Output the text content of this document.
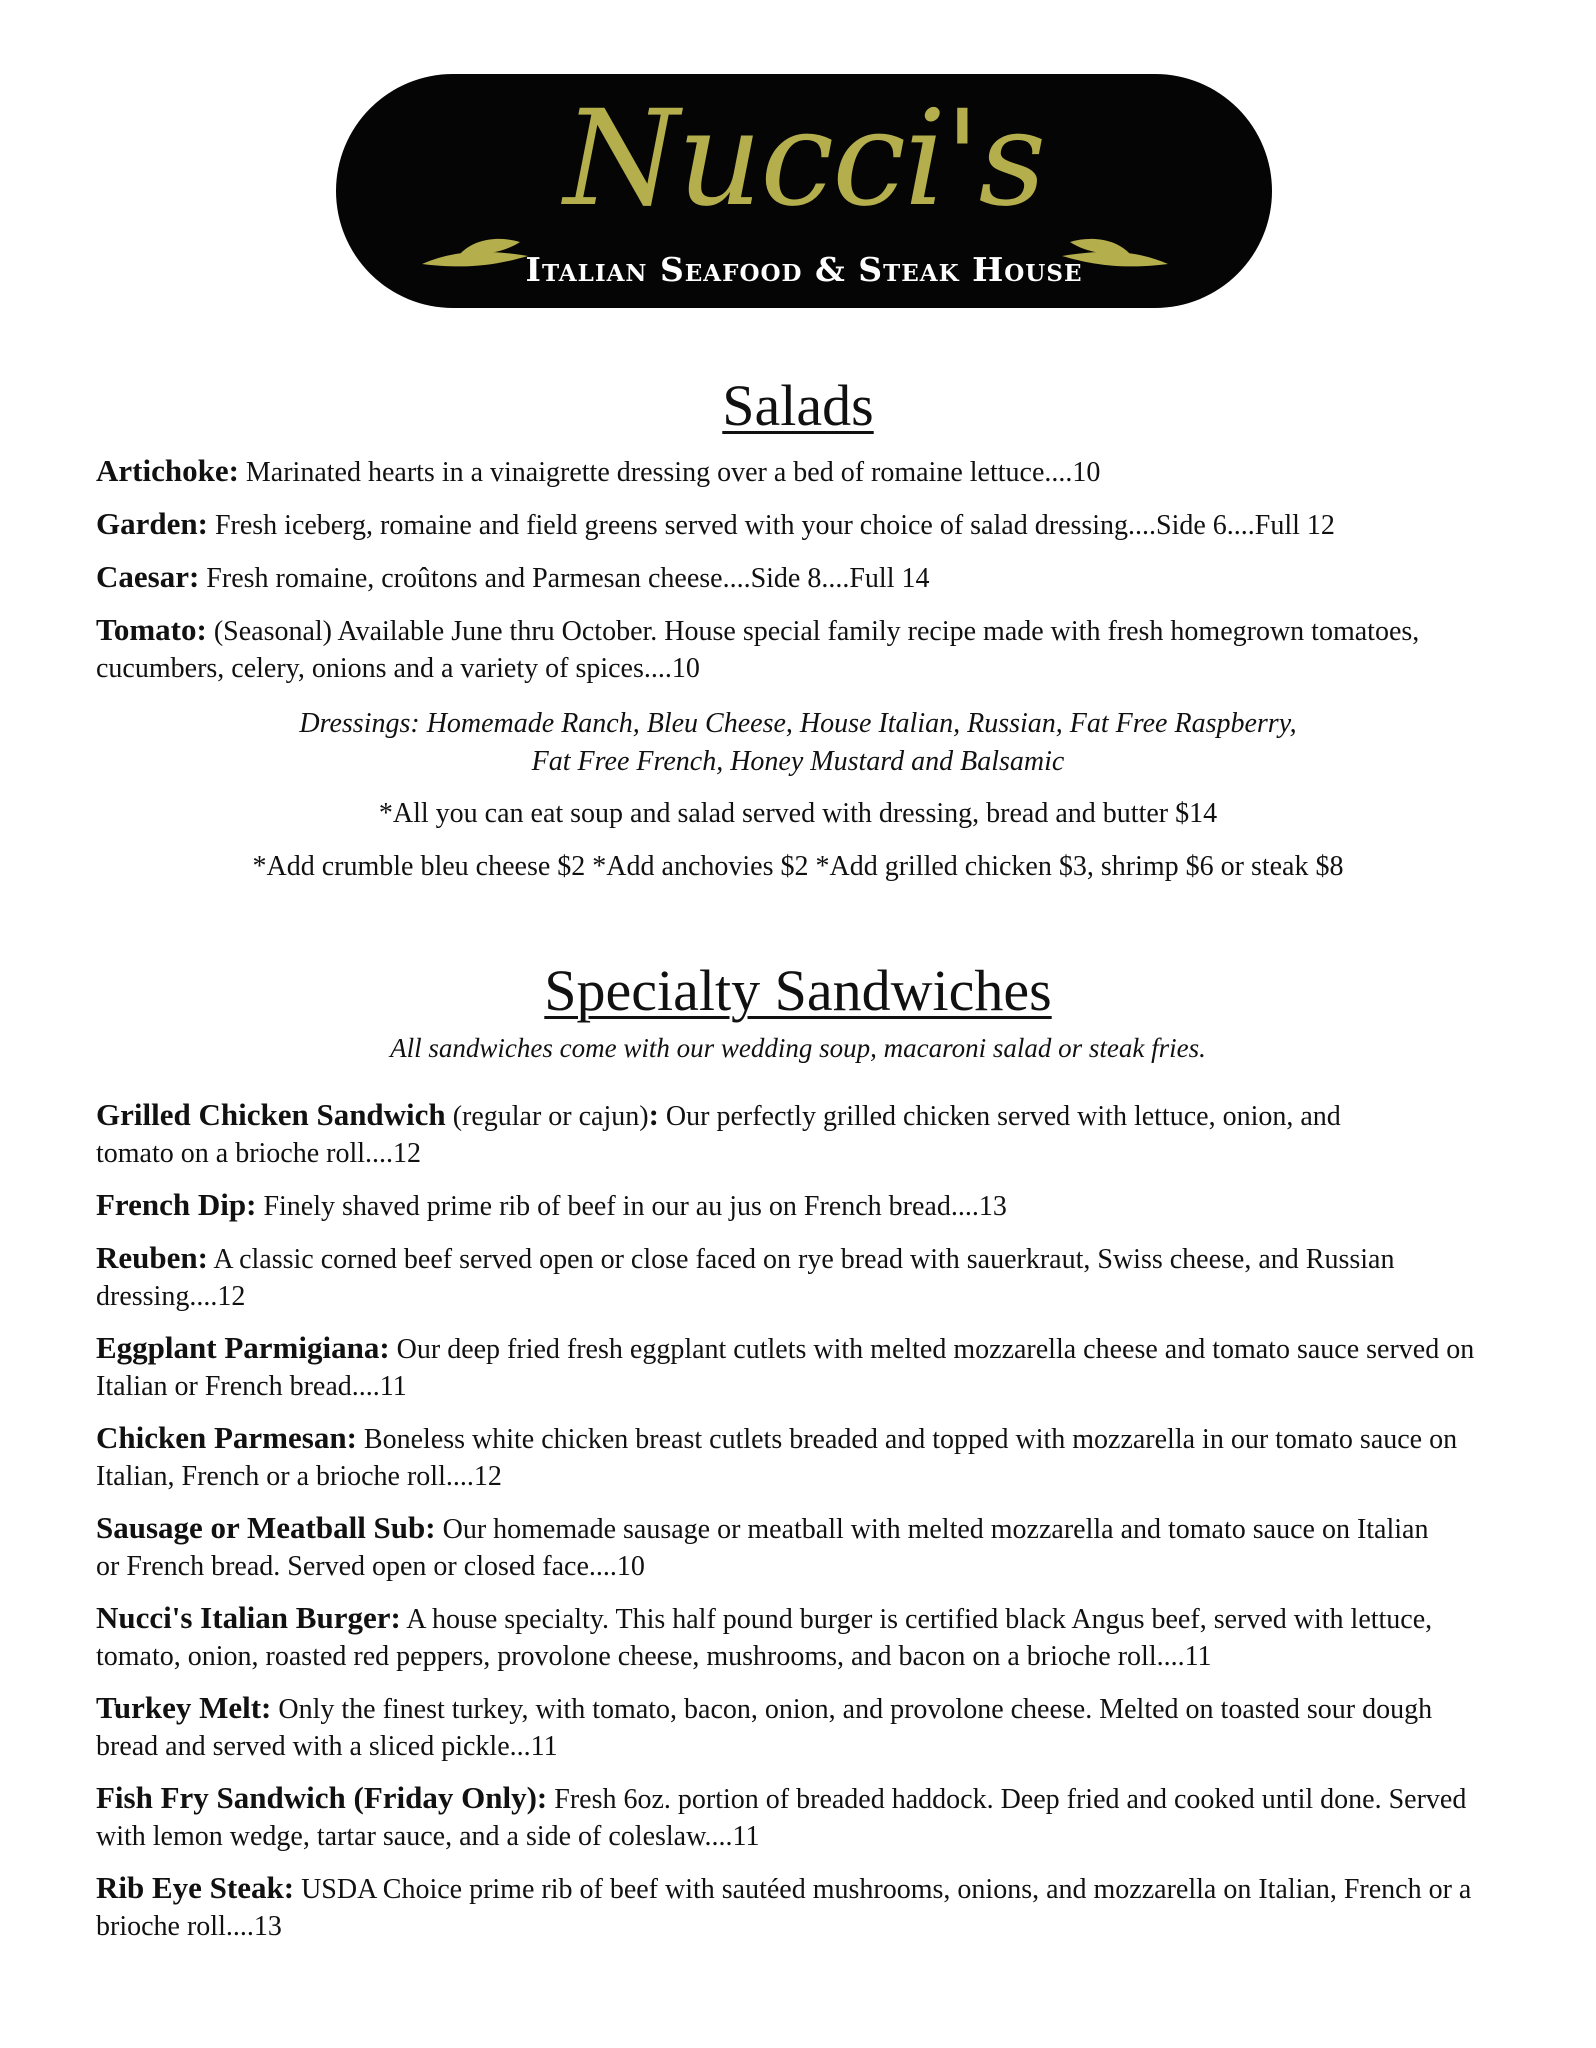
Nucci's
Italian Seafood & Steak House
Salads
Artichoke: Marinated hearts in a vinaigrette dressing over a bed of romaine lettuce....10
Garden: Fresh iceberg, romaine and field greens served with your choice of salad dressing....Side 6....Full 12
Caesar: Fresh romaine, croûtons and Parmesan cheese....Side 8....Full 14
Tomato: (Seasonal) Available June thru October. House special family recipe made with fresh homegrown tomatoes, cucumbers, celery, onions and a variety of spices....10
Dressings: Homemade Ranch, Bleu Cheese, House Italian, Russian, Fat Free Raspberry,
Fat Free French, Honey Mustard and Balsamic
*All you can eat soup and salad served with dressing, bread and butter $14
*Add crumble bleu cheese $2 *Add anchovies $2 *Add grilled chicken $3, shrimp $6 or steak $8
Specialty Sandwiches
All sandwiches come with our wedding soup, macaroni salad or steak fries.
Grilled Chicken Sandwich (regular or cajun): Our perfectly grilled chicken served with lettuce, onion, and tomato on a brioche roll....12
French Dip: Finely shaved prime rib of beef in our au jus on French bread....13
Reuben: A classic corned beef served open or close faced on rye bread with sauerkraut, Swiss cheese, and Russian dressing....12
Eggplant Parmigiana: Our deep fried fresh eggplant cutlets with melted mozzarella cheese and tomato sauce served on Italian or French bread....11
Chicken Parmesan: Boneless white chicken breast cutlets breaded and topped with mozzarella in our tomato sauce on Italian, French or a brioche roll....12
Sausage or Meatball Sub: Our homemade sausage or meatball with melted mozzarella and tomato sauce on Italian or French bread. Served open or closed face....10
Nucci's Italian Burger: A house specialty. This half pound burger is certified black Angus beef, served with lettuce, tomato, onion, roasted red peppers, provolone cheese, mushrooms, and bacon on a brioche roll....11
Turkey Melt: Only the finest turkey, with tomato, bacon, onion, and provolone cheese. Melted on toasted sour dough bread and served with a sliced pickle...11
Fish Fry Sandwich (Friday Only): Fresh 6oz. portion of breaded haddock. Deep fried and cooked until done. Served with lemon wedge, tartar sauce, and a side of coleslaw....11
Rib Eye Steak: USDA Choice prime rib of beef with sautéed mushrooms, onions, and mozzarella on Italian, French or a brioche roll....13
